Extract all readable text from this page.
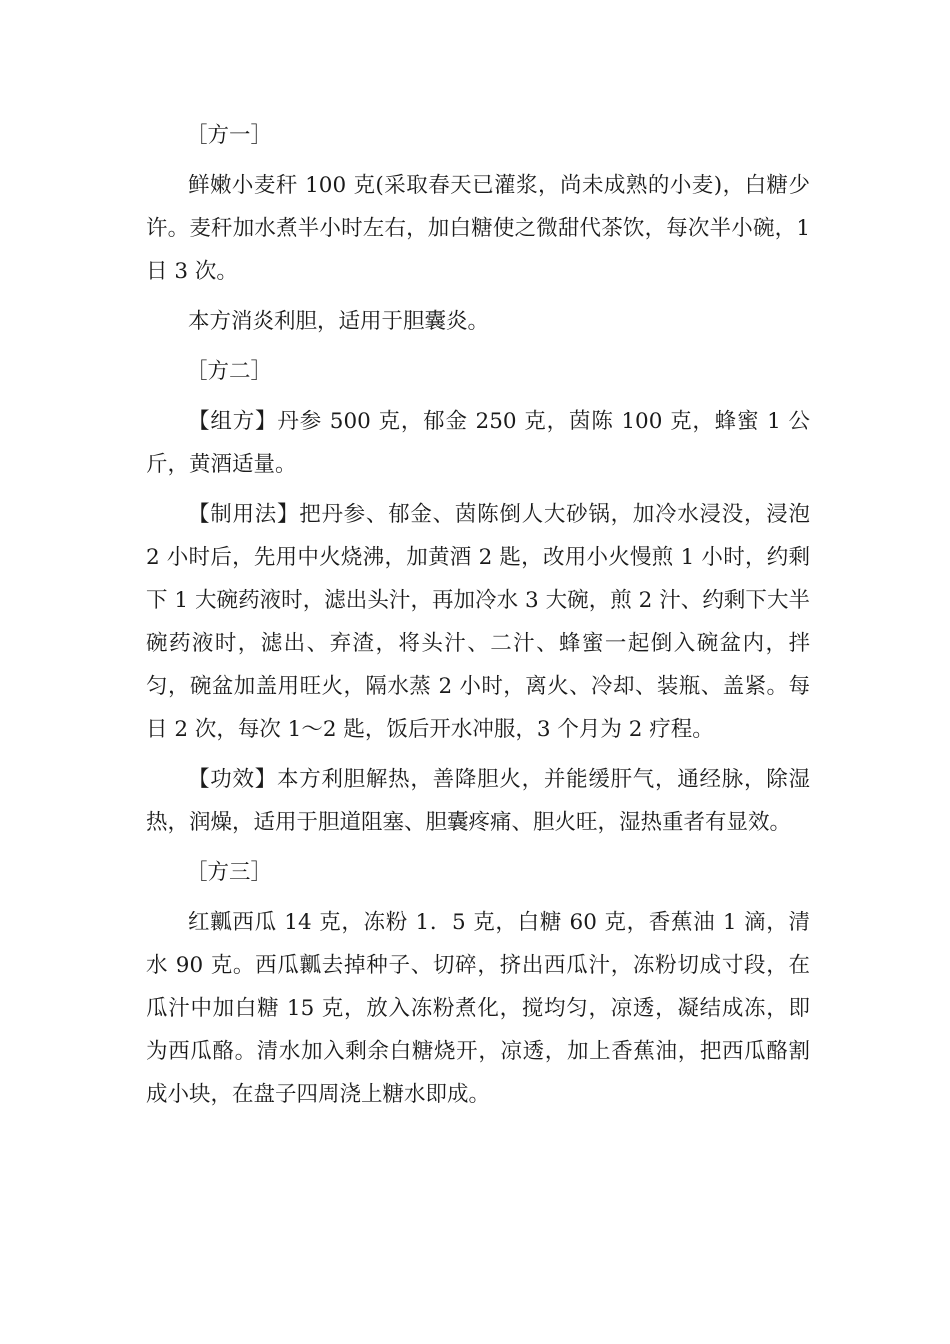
［方一］

鲜嫩小麦秆 100 克(采取春天已灌浆，尚未成熟的小麦)，白糖少许。麦秆加水煮半小时左右，加白糖使之微甜代茶饮，每次半小碗，1 日 3 次。

本方消炎利胆，适用于胆囊炎。

［方二］

【组方】丹参 500 克，郁金 250 克，茵陈 100 克，蜂蜜 1 公斤，黄酒适量。

【制用法】把丹参、郁金、茵陈倒人大砂锅，加冷水浸没，浸泡 2 小时后，先用中火烧沸，加黄酒 2 匙，改用小火慢煎 1 小时，约剩下 1 大碗药液时，滤出头汁，再加冷水 3 大碗，煎 2 汁、约剩下大半碗药液时，滤出、弃渣，将头汁、二汁、蜂蜜一起倒入碗盆内，拌匀，碗盆加盖用旺火，隔水蒸 2 小时，离火、冷却、装瓶、盖紧。每日 2 次，每次 1～2 匙，饭后开水冲服，3 个月为 2 疗程。

【功效】本方利胆解热，善降胆火，并能缓肝气，通经脉，除湿热，润燥，适用于胆道阻塞、胆囊疼痛、胆火旺，湿热重者有显效。

［方三］

红瓤西瓜 14 克，冻粉 1．5 克，白糖 60 克，香蕉油 1 滴，清水 90 克。西瓜瓤去掉种子、切碎，挤出西瓜汁，冻粉切成寸段，在瓜汁中加白糖 15 克，放入冻粉煮化，搅均匀，凉透，凝结成冻，即为西瓜酪。清水加入剩余白糖烧开，凉透，加上香蕉油，把西瓜酪割成小块，在盘子四周浇上糖水即成。
